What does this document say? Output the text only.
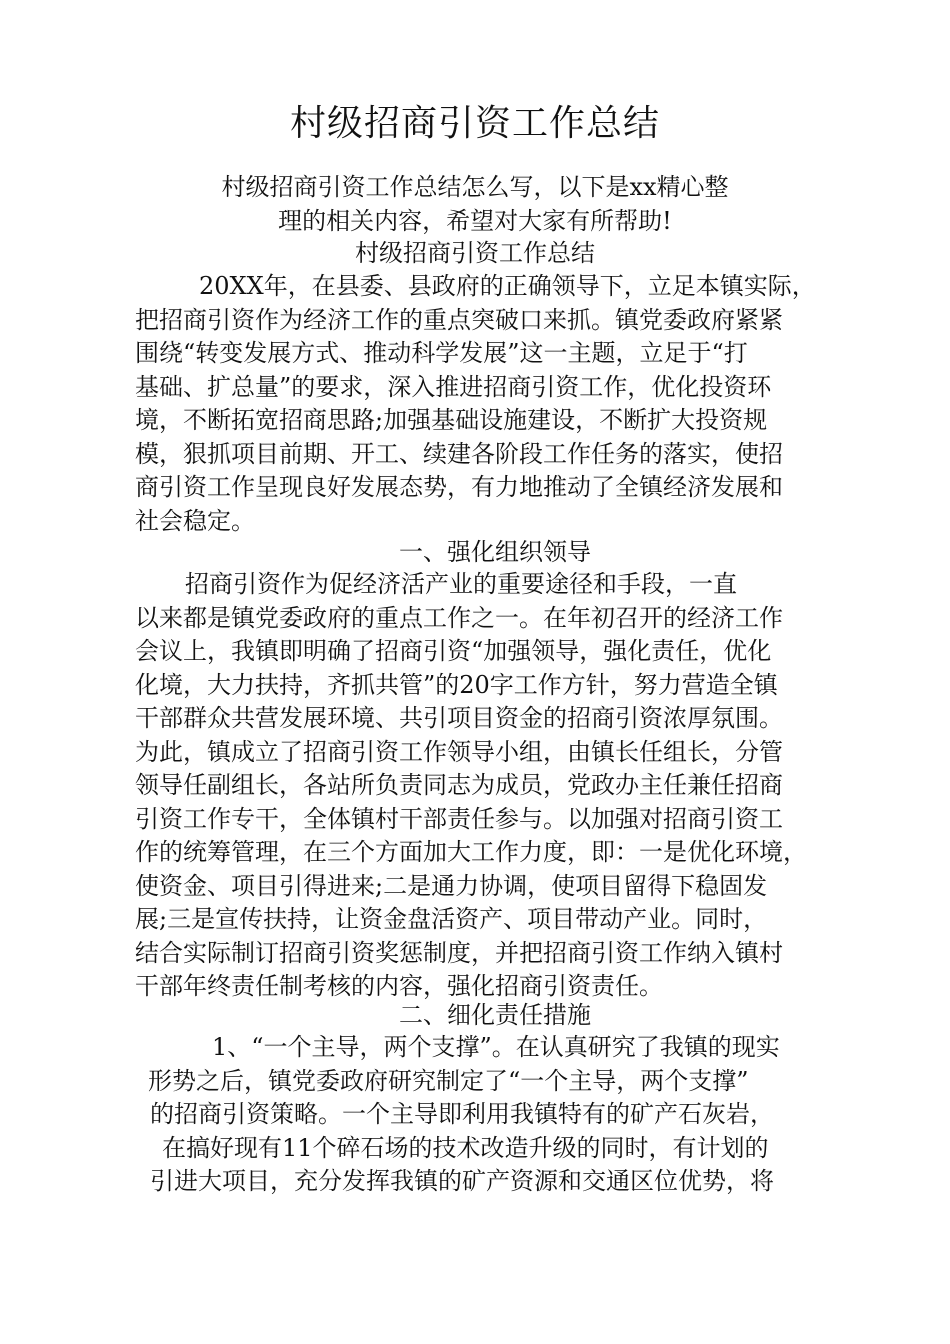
村级招商引资工作总结
村级招商引资工作总结怎么写，以下是xx精心整
理的相关内容，希望对大家有所帮助!
村级招商引资工作总结
20XX年，在县委、县政府的正确领导下，立足本镇实际，
把招商引资作为经济工作的重点突破口来抓。镇党委政府紧紧
围绕“转变发展方式、推动科学发展”这一主题，立足于“打
基础、扩总量”的要求，深入推进招商引资工作，优化投资环
境，不断拓宽招商思路;加强基础设施建设，不断扩大投资规
模，狠抓项目前期、开工、续建各阶段工作任务的落实，使招
商引资工作呈现良好发展态势，有力地推动了全镇经济发展和
社会稳定。
一、强化组织领导
招商引资作为促经济活产业的重要途径和手段，一直
以来都是镇党委政府的重点工作之一。在年初召开的经济工作
会议上，我镇即明确了招商引资“加强领导，强化责任，优化
化境，大力扶持，齐抓共管”的20字工作方针，努力营造全镇
干部群众共营发展环境、共引项目资金的招商引资浓厚氛围。
为此，镇成立了招商引资工作领导小组，由镇长任组长，分管
领导任副组长，各站所负责同志为成员，党政办主任兼任招商
引资工作专干，全体镇村干部责任参与。以加强对招商引资工
作的统筹管理，在三个方面加大工作力度，即：一是优化环境，
使资金、项目引得进来;二是通力协调，使项目留得下稳固发
展;三是宣传扶持，让资金盘活资产、项目带动产业。同时，
结合实际制订招商引资奖惩制度，并把招商引资工作纳入镇村
干部年终责任制考核的内容，强化招商引资责任。
二、细化责任措施
1、“一个主导，两个支撑”。在认真研究了我镇的现实
形势之后，镇党委政府研究制定了“一个主导，两个支撑”
的招商引资策略。一个主导即利用我镇特有的矿产石灰岩，
在搞好现有11个碎石场的技术改造升级的同时，有计划的
引进大项目，充分发挥我镇的矿产资源和交通区位优势，将
